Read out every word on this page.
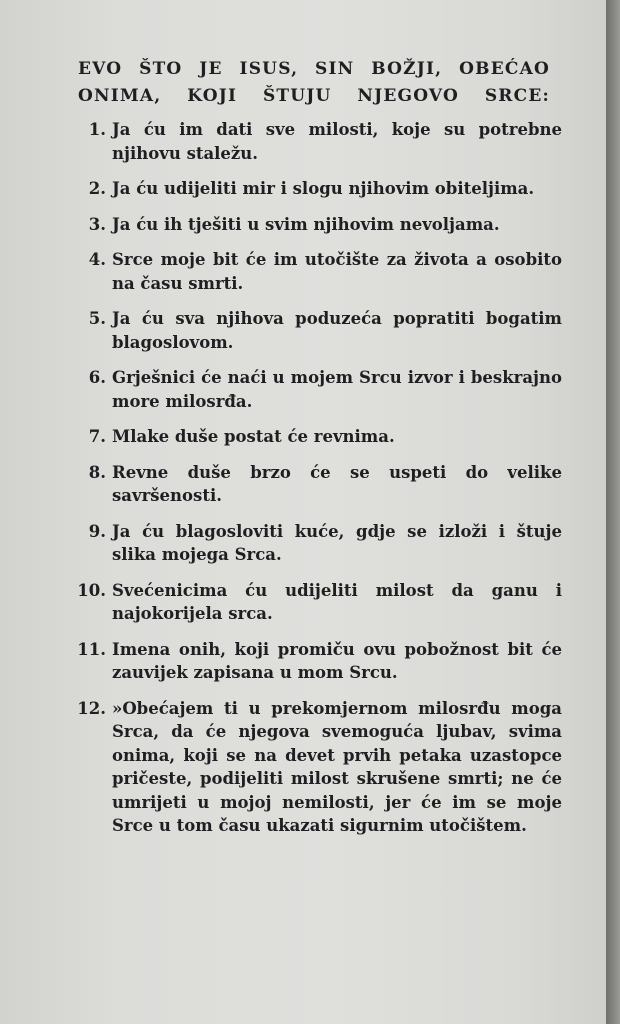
EVO ŠTO JE ISUS, SIN BOŽJI, OBEĆAO
ONIMA, KOJI ŠTUJU NJEGOVO SRCE:
1. Ja ću im dati sve milosti, koje su potrebne njihovu staležu.
2. Ja ću udijeliti mir i slogu njihovim obiteljima.
3. Ja ću ih tješiti u svim njihovim nevoljama.
4. Srce moje bit će im utočište za života a osobito na času smrti.
5. Ja ću sva njihova poduzeća popratiti bogatim blagoslovom.
6. Grješnici će naći u mojem Srcu izvor i beskrajno more milosrđa.
7. Mlake duše postat će revnima.
8. Revne duše brzo će se uspeti do velike savršenosti.
9. Ja ću blagosloviti kuće, gdje se izloži i štuje slika mojega Srca.
10. Svećenicima ću udijeliti milost da ganu i najokorijela srca.
11. Imena onih, koji promiču ovu pobožnost bit će zauvijek zapisana u mom Srcu.
12. »Obećajem ti u prekomjernom milosrđu moga Srca, da će njegova svemoguća ljubav, svima onima, koji se na devet prvih petaka uzastopce pričeste, podijeliti milost skrušene smrti; ne će umrijeti u mojoj nemilosti, jer će im se moje Srce u tom času ukazati sigurnim utočištem.
